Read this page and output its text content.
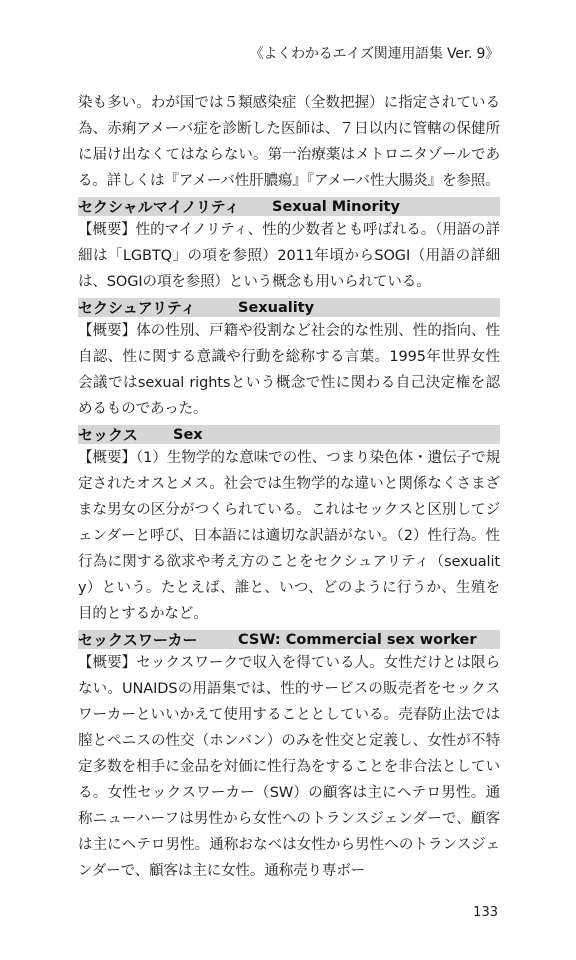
《よくわかるエイズ関連用語集 Ver. 9》

染も多い。わが国では５類感染症（全数把握）に指定されている為、赤痢アメーバ症を診断した医師は、７日以内に管轄の保健所に届け出なくてはならない。第一治療薬はメトロニタゾールである。詳しくは『アメーバ性肝膿瘍』『アメーバ性大腸炎』を参照。

セクシャルマイノリティ	Sexual Minority

【概要】性的マイノリティ、性的少数者とも呼ばれる。（用語の詳細は「LGBTQ」の項を参照）2011年頃からSOGI（用語の詳細は、SOGIの項を参照）という概念も用いられている。

セクシュアリティ	Sexuality

【概要】体の性別、戸籍や役割など社会的な性別、性的指向、性自認、性に関する意識や行動を総称する言葉。1995年世界女性会議ではsexual rightsという概念で性に関わる自己決定権を認めるものであった。

セックス	Sex

【概要】（1）生物学的な意味での性、つまり染色体・遺伝子で規定されたオスとメス。社会では生物学的な違いと関係なくさまざまな男女の区分がつくられている。これはセックスと区別してジェンダーと呼び、日本語には適切な訳語がない。（2）性行為。性行為に関する欲求や考え方のことをセクシュアリティ（sexuality）という。たとえば、誰と、いつ、どのように行うか、生殖を目的とするかなど。

セックスワーカー	CSW: Commercial sex worker

【概要】セックスワークで収入を得ている人。女性だけとは限らない。UNAIDSの用語集では、性的サービスの販売者をセックスワーカーといいかえて使用することとしている。売春防止法では膣とペニスの性交（ホンバン）のみを性交と定義し、女性が不特定多数を相手に金品を対価に性行為をすることを非合法としている。女性セックスワーカー（SW）の顧客は主にヘテロ男性。通称ニューハーフは男性から女性へのトランスジェンダーで、顧客は主にヘテロ男性。通称おなべは女性から男性へのトランスジェンダーで、顧客は主に女性。通称売り専ボー

133
